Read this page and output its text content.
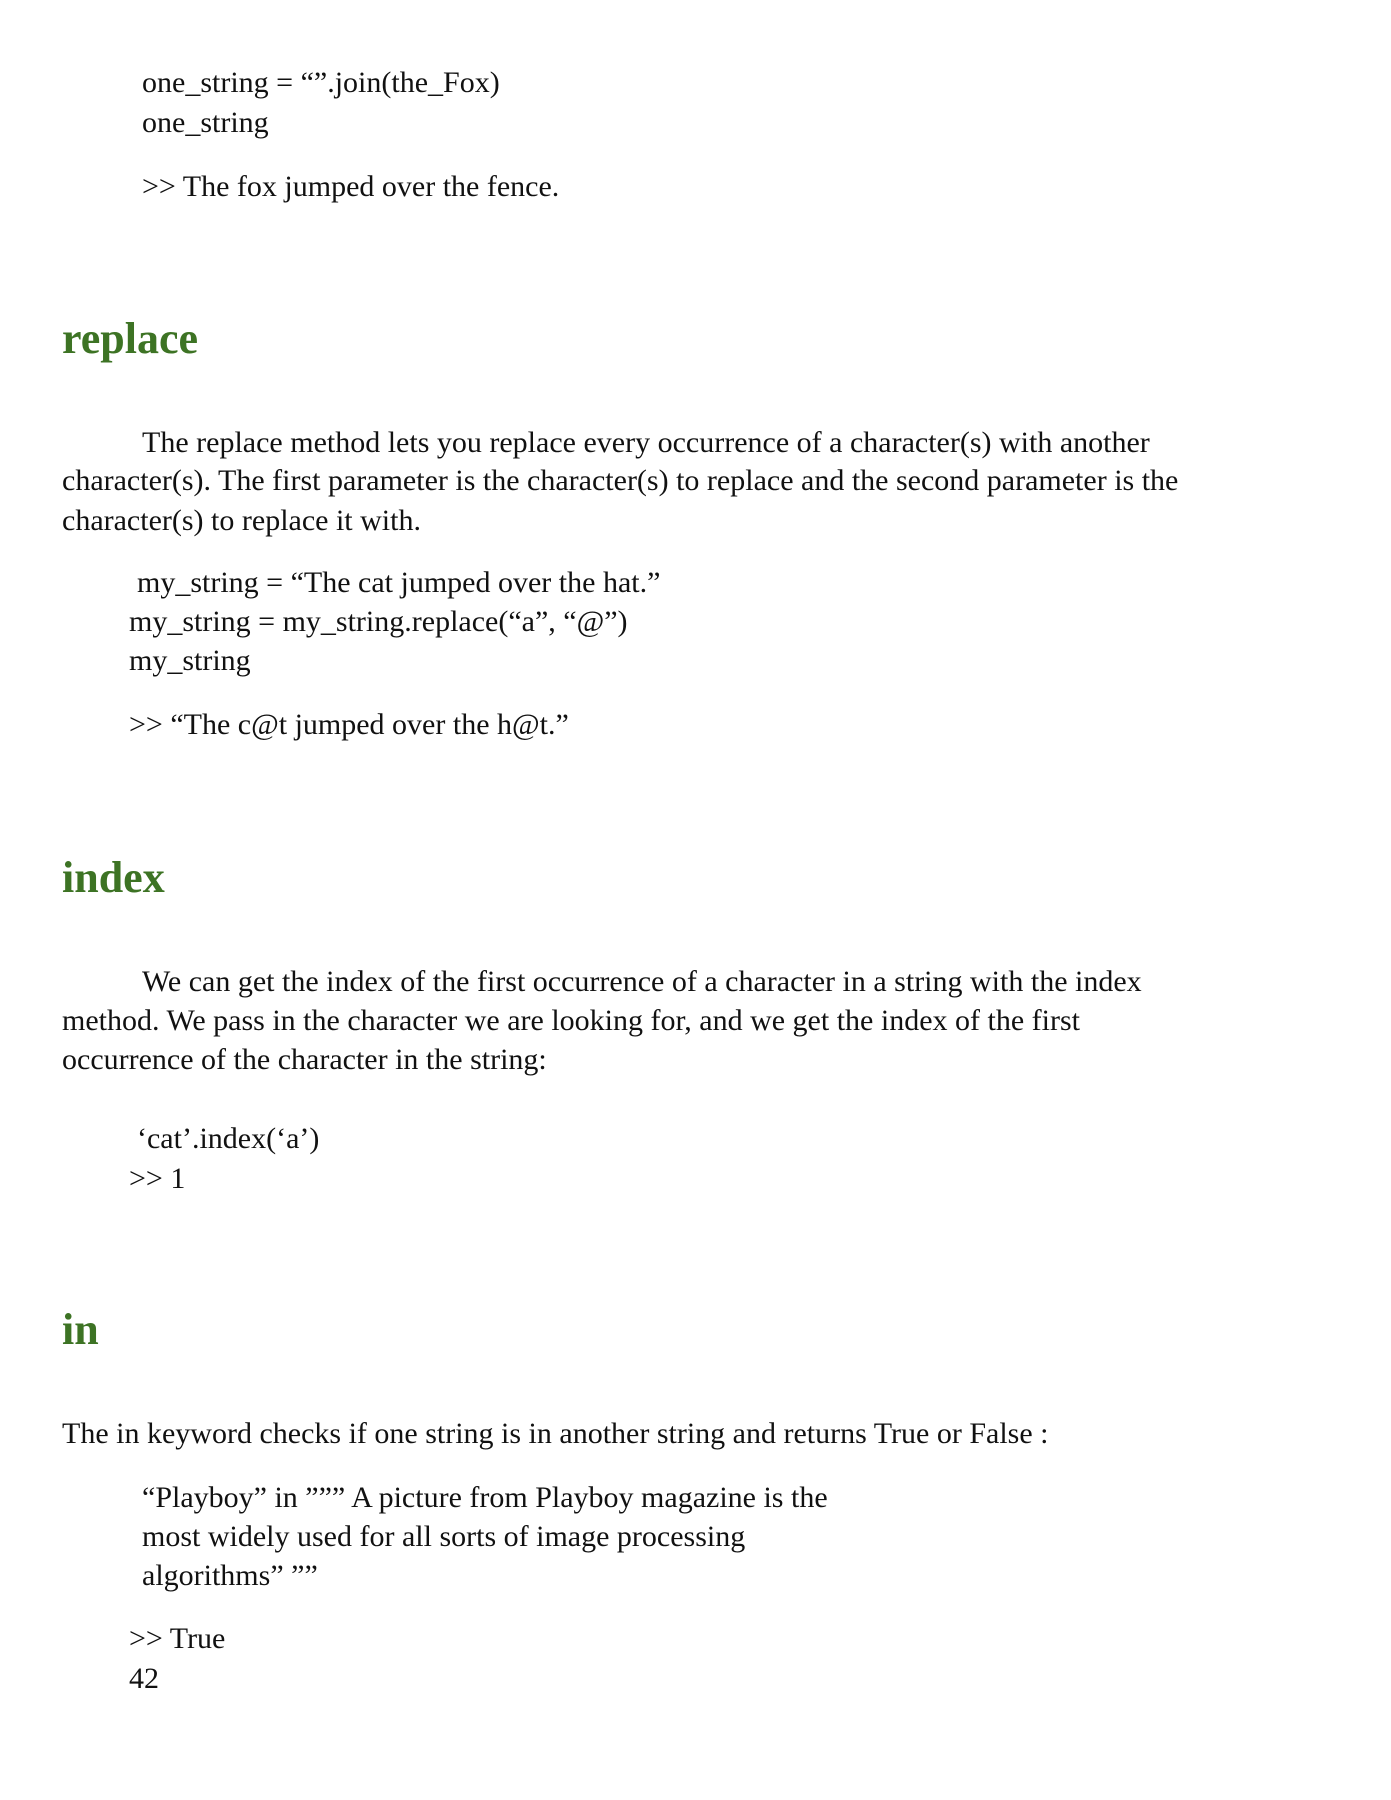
one_string = “”.join(the_Fox)
one_string
>> The fox jumped over the fence.
replace
The replace method lets you replace every occurrence of a character(s) with another
character(s). The first parameter is the character(s) to replace and the second parameter is the
character(s) to replace it with.
my_string = “The cat jumped over the hat.”
my_string = my_string.replace(“a”, “@”)
my_string
>> “The c@t jumped over the h@t.”
index
We can get the index of the first occurrence of a character in a string with the index
method. We pass in the character we are looking for, and we get the index of the first
occurrence of the character in the string:
‘cat’.index(‘a’)
>> 1
in
The in keyword checks if one string is in another string and returns True or False :
“Playboy” in ””” A picture from Playboy magazine is the
most widely used for all sorts of image processing
algorithms” ””
>> True
42
